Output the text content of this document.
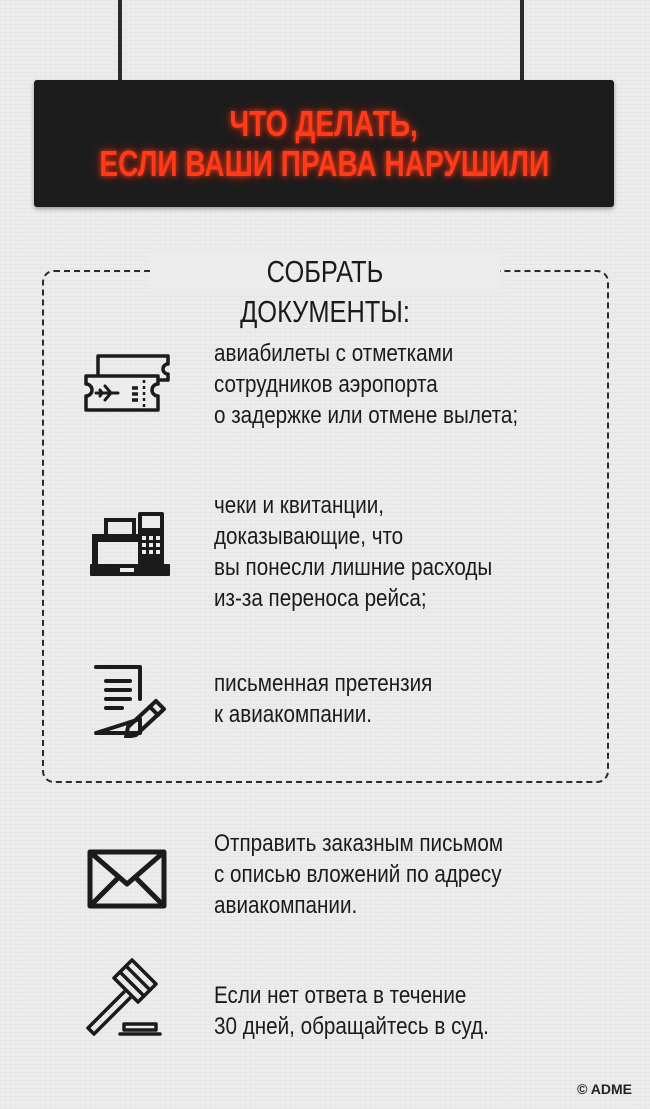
ЧТО ДЕЛАТЬ,
ЕСЛИ ВАШИ ПРАВА НАРУШИЛИ
СОБРАТЬ ДОКУМЕНТЫ:

авиабилеты с отметками

сотрудников аэропорта

о задержке или отмене вылета;

чеки и квитанции,

доказывающие, что

вы понесли лишние расходы

из-за переноса рейса;

письменная претензия

к авиакомпании.

Отправить заказным письмом

с описью вложений по адресу

авиакомпании.

Если нет ответа в течение

30 дней, обращайтесь в суд.

© ADME
